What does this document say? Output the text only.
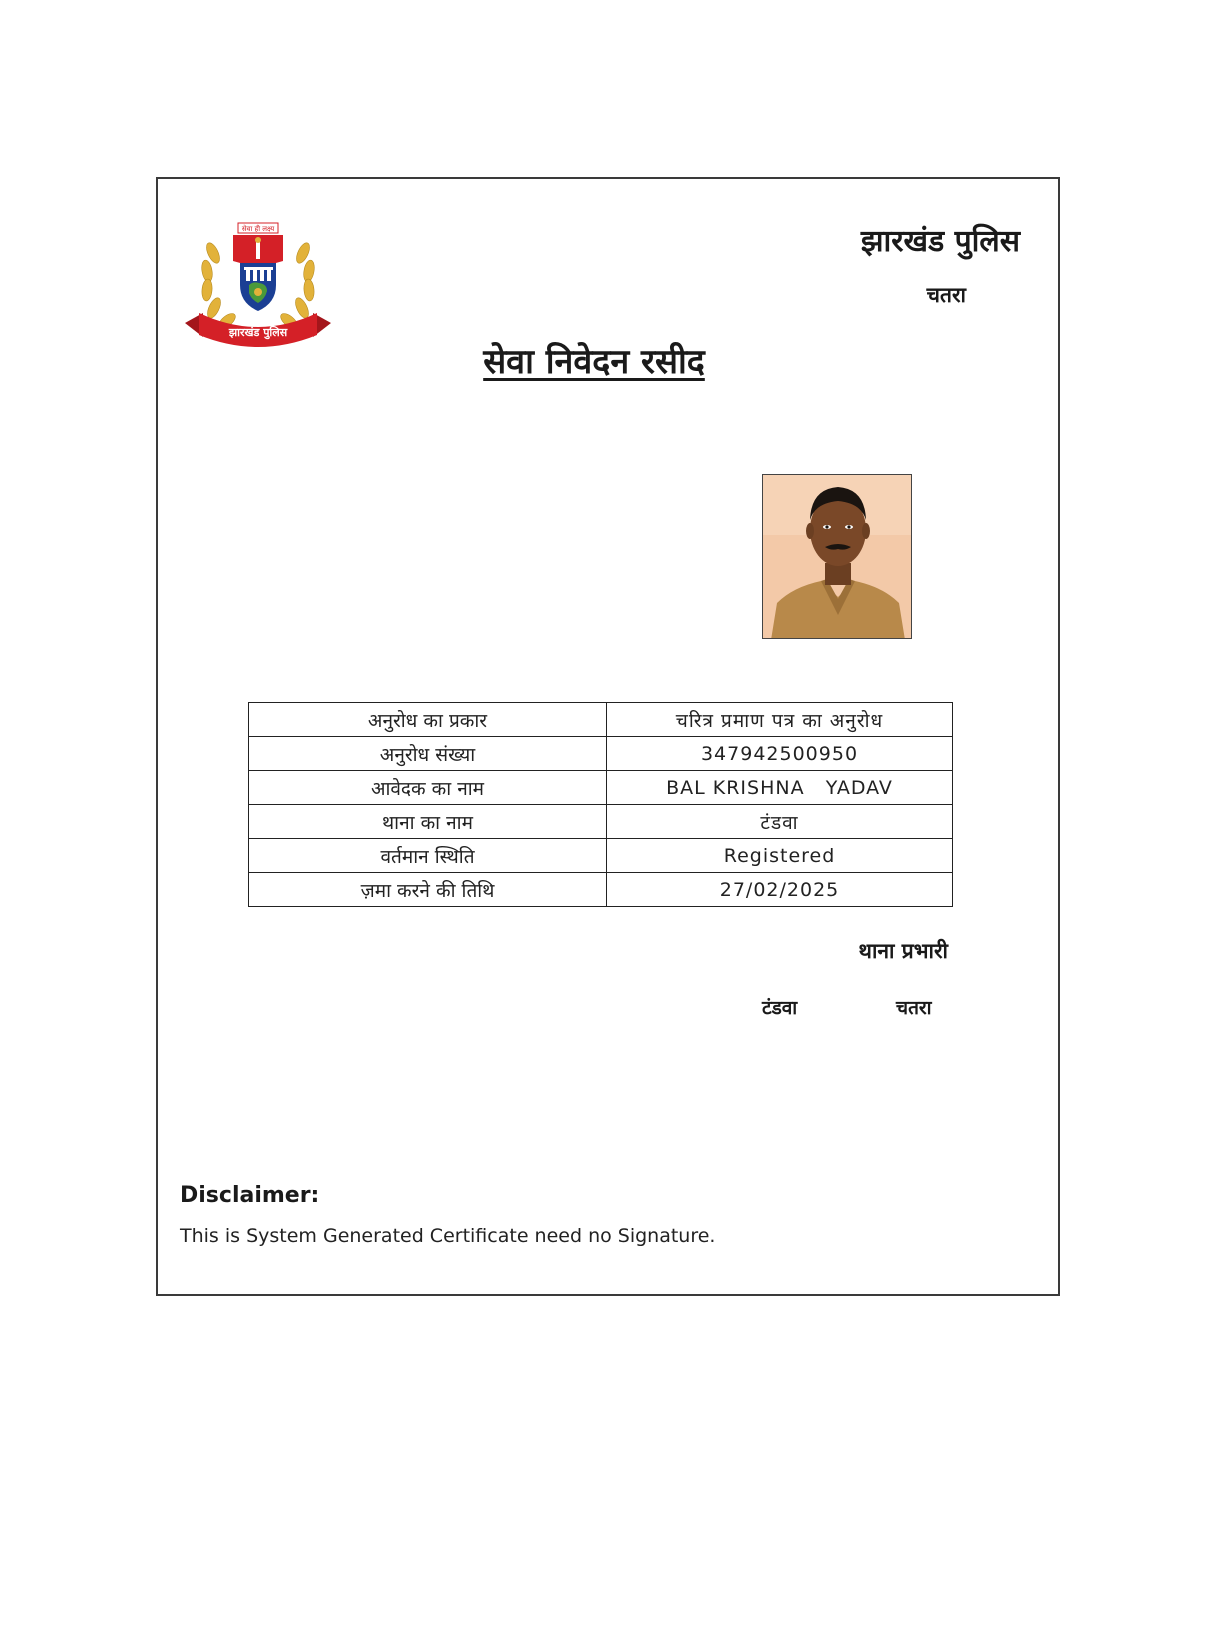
सेवा ही लक्ष्य
झारखंड पुलिस
झारखंड पुलिस
चतरा
सेवा निवेदन रसीद
अनुरोध का प्रकार	चरित्र प्रमाण पत्र का अनुरोध
अनुरोध संख्या	347942500950
आवेदक का नाम	BAL KRISHNA   YADAV
थाना का नाम	टंडवा
वर्तमान स्थिति	Registered
ज़मा करने की तिथि	27/02/2025
थाना प्रभारी
टंडवा	चतरा
Disclaimer:
This is System Generated Certificate need no Signature.
